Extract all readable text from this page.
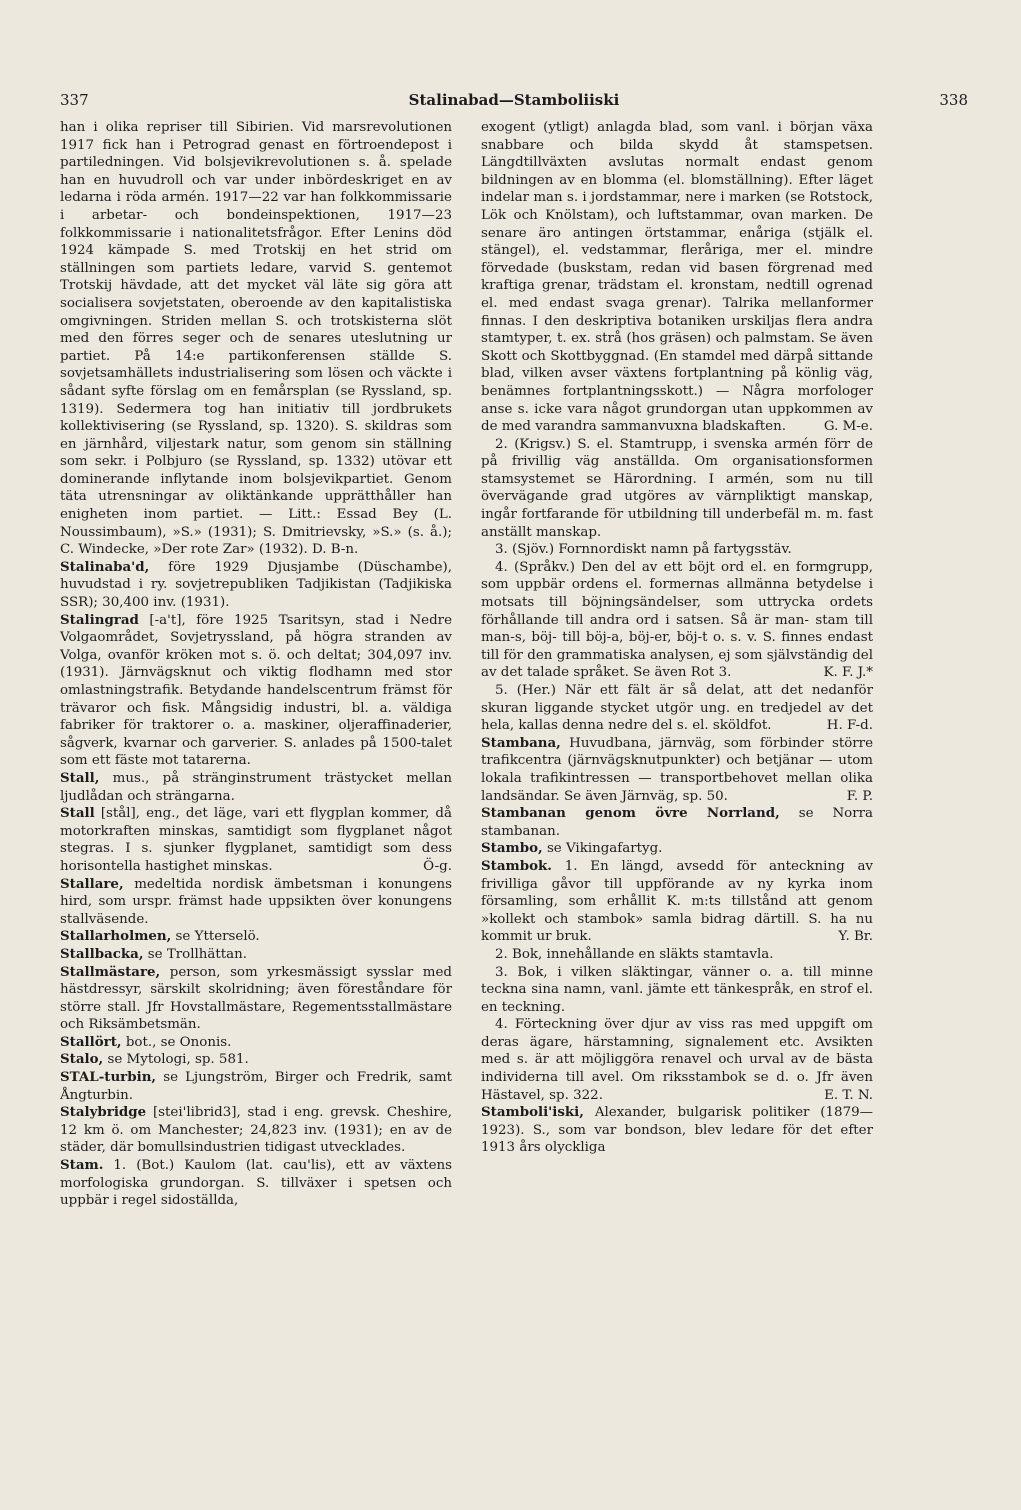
337	Stalinabad—Stamboliiski	338

han i olika repriser till Sibirien. Vid marsrevolutionen 1917 fick han i Petrograd genast en förtroendepost i partiledningen. Vid bolsjevikrevolutionen s. å. spelade han en huvudroll och var under inbördeskriget en av ledarna i röda armén. 1917—22 var han folkkommissarie i arbetar- och bondeinspektionen, 1917—23 folkkommissarie i nationalitetsfrågor. Efter Lenins död 1924 kämpade S. med Trotskij en het strid om ställningen som partiets ledare, varvid S. gentemot Trotskij hävdade, att det mycket väl läte sig göra att socialisera sovjetstaten, oberoende av den kapitalistiska omgivningen. Striden mellan S. och trotskisterna slöt med den förres seger och de senares uteslutning ur partiet. På 14:e partikonferensen ställde S. sovjetsamhällets industrialisering som lösen och väckte i sådant syfte förslag om en femårsplan (se Ryssland, sp. 1319). Sedermera tog han initiativ till jordbrukets kollektivisering (se Ryssland, sp. 1320). S. skildras som en järnhård, viljestark natur, som genom sin ställning som sekr. i Polbjuro (se Ryssland, sp. 1332) utövar ett dominerande inflytande inom bolsjevikpartiet. Genom täta utrensningar av oliktänkande upprätthåller han enigheten inom partiet. — Litt.: Essad Bey (L. Noussimbaum), »S.» (1931); S. Dmitrievsky, »S.» (s. å.); C. Windecke, »Der rote Zar» (1932). D. B-n.

Stalinaba'd, före 1929 Djusjambe (Düschambe), huvudstad i ry. sovjetrepubliken Tadjikistan (Tadjikiska SSR); 30,400 inv. (1931).

Stalingrad [-a't], före 1925 Tsaritsyn, stad i Nedre Volgaområdet, Sovjetryssland, på högra stranden av Volga, ovanför kröken mot s. ö. och deltat; 304,097 inv. (1931). Järnvägsknut och viktig flodhamn med stor omlastningstrafik. Betydande handelscentrum främst för trävaror och fisk. Mångsidig industri, bl. a. väldiga fabriker för traktorer o. a. maskiner, oljeraffinaderier, sågverk, kvarnar och garverier. S. anlades på 1500-talet som ett fäste mot tatarerna.

Stall, mus., på stränginstrument trästycket mellan ljudlådan och strängarna.

Stall [stål], eng., det läge, vari ett flygplan kommer, då motorkraften minskas, samtidigt som flygplanet något stegras. I s. sjunker flygplanet, samtidigt som dess horisontella hastighet minskas.	Ö-g.

Stallare, medeltida nordisk ämbetsman i konungens hird, som urspr. främst hade uppsikten över konungens stallväsende.

Stallarholmen, se Ytterselö.

Stallbacka, se Trollhättan.

Stallmästare, person, som yrkesmässigt sysslar med hästdressyr, särskilt skolridning; även föreståndare för större stall. Jfr Hovstallmästare, Regementsstallmästare och Riksämbetsmän.

Stallört, bot., se Ononis.

Stalo, se Mytologi, sp. 581.

STAL-turbin, se Ljungström, Birger och Fredrik, samt Ångturbin.

Stalybridge [stei'librid3], stad i eng. grevsk. Cheshire, 12 km ö. om Manchester; 24,823 inv. (1931); en av de städer, där bomullsindustrien tidigast utvecklades.

Stam. 1. (Bot.) Kaulom (lat. cau'lis), ett av växtens morfologiska grundorgan. S. tillväxer i spetsen och uppbär i regel sidoställda,

exogent (ytligt) anlagda blad, som vanl. i början växa snabbare och bilda skydd åt stamspetsen. Längdtillväxten avslutas normalt endast genom bildningen av en blomma (el. blomställning). Efter läget indelar man s. i jordstammar, nere i marken (se Rotstock, Lök och Knölstam), och luftstammar, ovan marken. De senare äro antingen örtstammar, enåriga (stjälk el. stängel), el. vedstammar, fleråriga, mer el. mindre förvedade (buskstam, redan vid basen förgrenad med kraftiga grenar, trädstam el. kronstam, nedtill ogrenad el. med endast svaga grenar). Talrika mellanformer finnas. I den deskriptiva botaniken urskiljas flera andra stamtyper, t. ex. strå (hos gräsen) och palmstam. Se även Skott och Skottbyggnad. (En stamdel med därpå sittande blad, vilken avser växtens fortplantning på könlig väg, benämnes fortplantningsskott.) — Några morfologer anse s. icke vara något grundorgan utan uppkommen av de med varandra sammanvuxna bladskaften.	G. M-e.

2. (Krigsv.) S. el. Stamtrupp, i svenska armén förr de på frivillig väg anställda. Om organisationsformen stamsystemet se Härordning. I armén, som nu till övervägande grad utgöres av värnpliktigt manskap, ingår fortfarande för utbildning till underbefäl m. m. fast anställt manskap.

3. (Sjöv.) Fornnordiskt namn på fartygsstäv.

4. (Språkv.) Den del av ett böjt ord el. en formgrupp, som uppbär ordens el. formernas allmänna betydelse i motsats till böjningsändelser, som uttrycka ordets förhållande till andra ord i satsen. Så är man- stam till man-s, böj- till böj-a, böj-er, böj-t o. s. v. S. finnes endast till för den grammatiska analysen, ej som självständig del av det talade språket. Se även Rot 3.	K. F. J.*

5. (Her.) När ett fält är så delat, att det nedanför skuran liggande stycket utgör ung. en tredjedel av det hela, kallas denna nedre del s. el. sköldfot.	H. F-d.

Stambana, Huvudbana, järnväg, som förbinder större trafikcentra (järnvägsknutpunkter) och betjänar — utom lokala trafikintressen — transportbehovet mellan olika landsändar. Se även Järnväg, sp. 50.	F. P.

Stambanan genom övre Norrland, se Norra stambanan.

Stambo, se Vikingafartyg.

Stambok. 1. En längd, avsedd för anteckning av frivilliga gåvor till uppförande av ny kyrka inom församling, som erhållit K. m:ts tillstånd att genom »kollekt och stambok» samla bidrag därtill. S. ha nu kommit ur bruk.	Y. Br.

2. Bok, innehållande en släkts stamtavla.

3. Bok, i vilken släktingar, vänner o. a. till minne teckna sina namn, vanl. jämte ett tänkespråk, en strof el. en teckning.

4. Förteckning över djur av viss ras med uppgift om deras ägare, härstamning, signalement etc. Avsikten med s. är att möjliggöra renavel och urval av de bästa individerna till avel. Om riksstambok se d. o. Jfr även Hästavel, sp. 322.	E. T. N.

Stamboli'iski, Alexander, bulgarisk politiker (1879—1923). S., som var bondson, blev ledare för det efter 1913 års olyckliga
